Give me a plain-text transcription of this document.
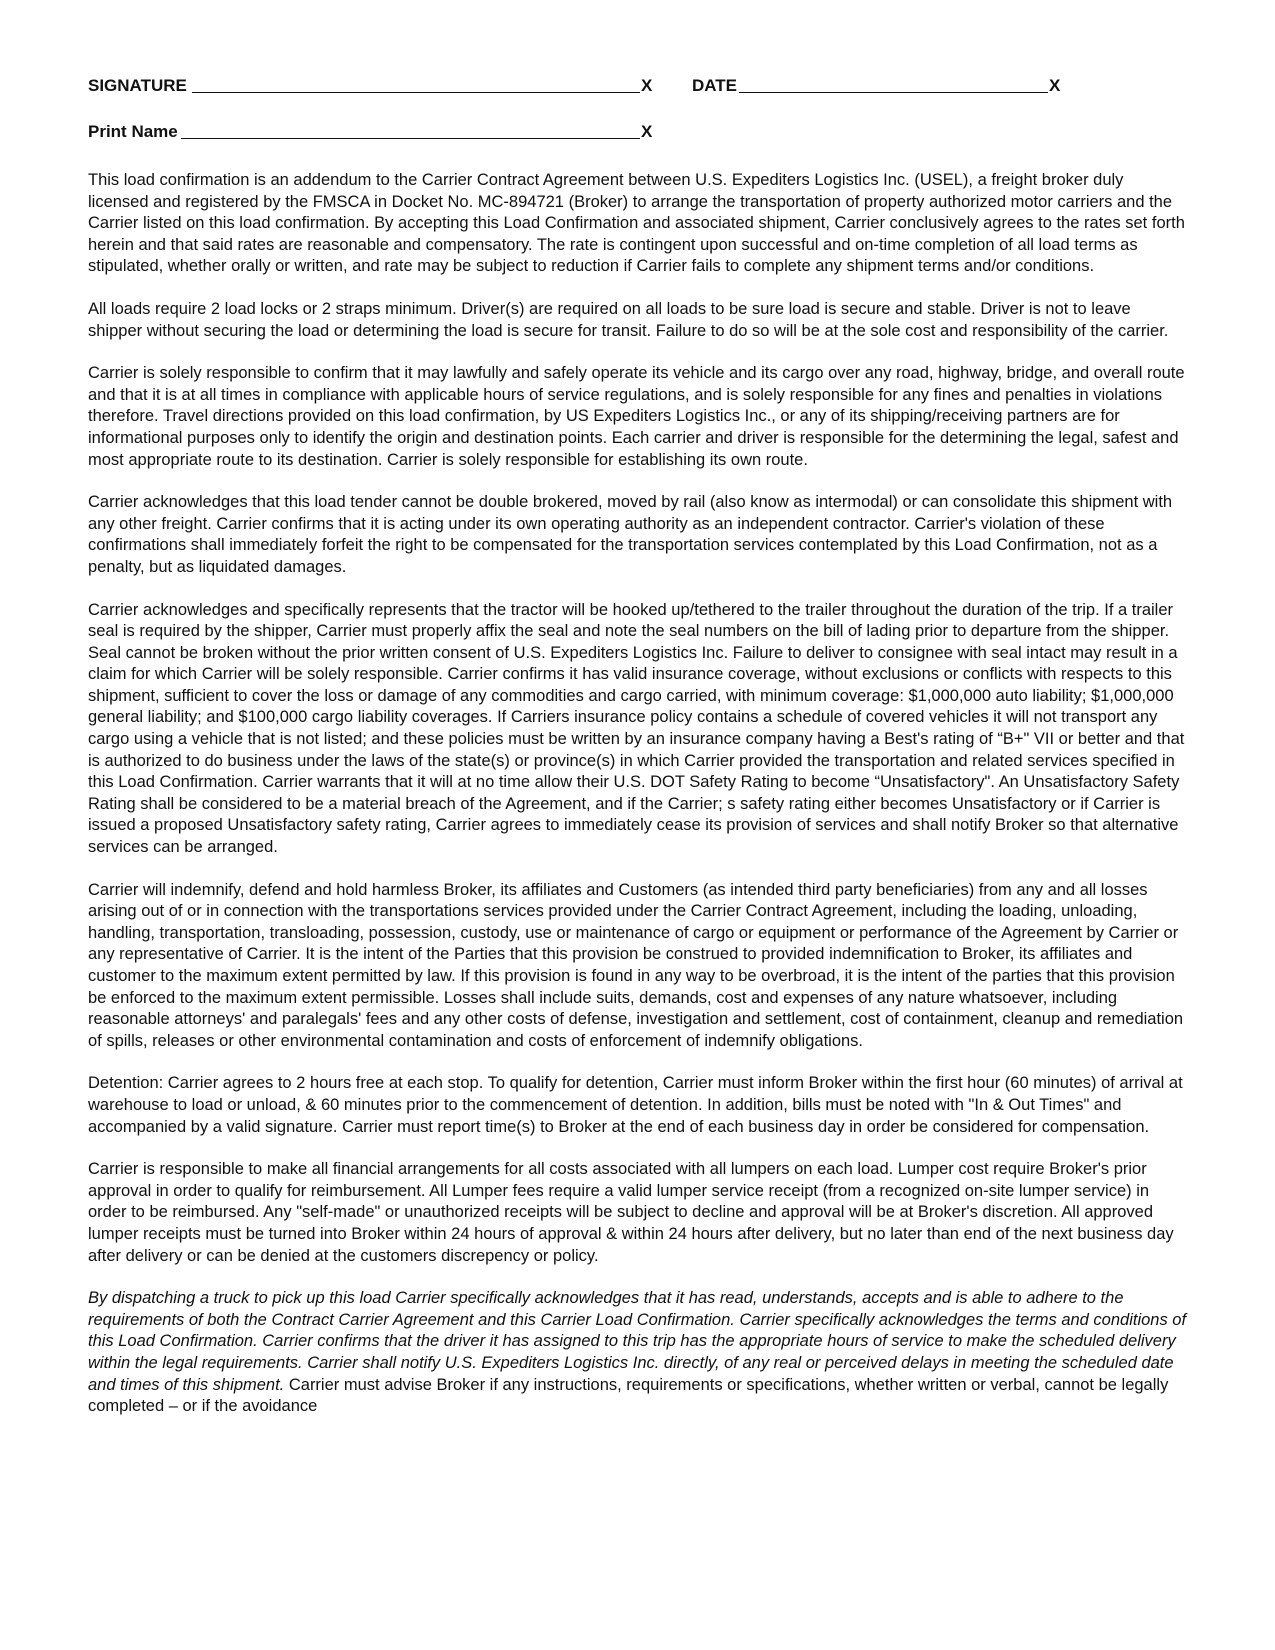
SIGNATURE	X DATE	X
Print Name	X

This load confirmation is an addendum to the Carrier Contract Agreement between U.S. Expediters Logistics Inc. (USEL), a freight broker duly licensed and registered by the FMSCA in Docket No. MC-894721 (Broker) to arrange the transportation of property authorized motor carriers and the Carrier listed on this load confirmation. By accepting this Load Confirmation and associated shipment, Carrier conclusively agrees to the rates set forth herein and that said rates are reasonable and compensatory. The rate is contingent upon successful and on-time completion of all load terms as stipulated, whether orally or written, and rate may be subject to reduction if Carrier fails to complete any shipment terms and/or conditions.

All loads require 2 load locks or 2 straps minimum. Driver(s) are required on all loads to be sure load is secure and stable. Driver is not to leave shipper without securing the load or determining the load is secure for transit. Failure to do so will be at the sole cost and responsibility of the carrier.

Carrier is solely responsible to confirm that it may lawfully and safely operate its vehicle and its cargo over any road, highway, bridge, and overall route and that it is at all times in compliance with applicable hours of service regulations, and is solely responsible for any fines and penalties in violations therefore. Travel directions provided on this load confirmation, by US Expediters Logistics Inc., or any of its shipping/receiving partners are for informational purposes only to identify the origin and destination points. Each carrier and driver is responsible for the determining the legal, safest and most appropriate route to its destination. Carrier is solely responsible for establishing its own route.

Carrier acknowledges that this load tender cannot be double brokered, moved by rail (also know as intermodal) or can consolidate this shipment with any other freight. Carrier confirms that it is acting under its own operating authority as an independent contractor. Carrier's violation of these confirmations shall immediately forfeit the right to be compensated for the transportation services contemplated by this Load Confirmation, not as a penalty, but as liquidated damages.

Carrier acknowledges and specifically represents that the tractor will be hooked up/tethered to the trailer throughout the duration of the trip. If a trailer seal is required by the shipper, Carrier must properly affix the seal and note the seal numbers on the bill of lading prior to departure from the shipper. Seal cannot be broken without the prior written consent of U.S. Expediters Logistics Inc. Failure to deliver to consignee with seal intact may result in a claim for which Carrier will be solely responsible. Carrier confirms it has valid insurance coverage, without exclusions or conflicts with respects to this shipment, sufficient to cover the loss or damage of any commodities and cargo carried, with minimum coverage: $1,000,000 auto liability; $1,000,000 general liability; and $100,000 cargo liability coverages. If Carriers insurance policy contains a schedule of covered vehicles it will not transport any cargo using a vehicle that is not listed; and these policies must be written by an insurance company having a Best's rating of “B+" VII or better and that is authorized to do business under the laws of the state(s) or province(s) in which Carrier provided the transportation and related services specified in this Load Confirmation. Carrier warrants that it will at no time allow their U.S. DOT Safety Rating to become “Unsatisfactory". An Unsatisfactory Safety Rating shall be considered to be a material breach of the Agreement, and if the Carrier; s safety rating either becomes Unsatisfactory or if Carrier is issued a proposed Unsatisfactory safety rating, Carrier agrees to immediately cease its provision of services and shall notify Broker so that alternative services can be arranged.

Carrier will indemnify, defend and hold harmless Broker, its affiliates and Customers (as intended third party beneficiaries) from any and all losses arising out of or in connection with the transportations services provided under the Carrier Contract Agreement, including the loading, unloading, handling, transportation, transloading, possession, custody, use or maintenance of cargo or equipment or performance of the Agreement by Carrier or any representative of Carrier. It is the intent of the Parties that this provision be construed to provided indemnification to Broker, its affiliates and customer to the maximum extent permitted by law. If this provision is found in any way to be overbroad, it is the intent of the parties that this provision be enforced to the maximum extent permissible. Losses shall include suits, demands, cost and expenses of any nature whatsoever, including reasonable attorneys' and paralegals' fees and any other costs of defense, investigation and settlement, cost of containment, cleanup and remediation of spills, releases or other environmental contamination and costs of enforcement of indemnify obligations.

Detention: Carrier agrees to 2 hours free at each stop. To qualify for detention, Carrier must inform Broker within the first hour (60 minutes) of arrival at warehouse to load or unload, & 60 minutes prior to the commencement of detention. In addition, bills must be noted with "In & Out Times" and accompanied by a valid signature. Carrier must report time(s) to Broker at the end of each business day in order be considered for compensation.

Carrier is responsible to make all financial arrangements for all costs associated with all lumpers on each load. Lumper cost require Broker's prior approval in order to qualify for reimbursement. All Lumper fees require a valid lumper service receipt (from a recognized on-site lumper service) in order to be reimbursed. Any "self-made" or unauthorized receipts will be subject to decline and approval will be at Broker's discretion. All approved lumper receipts must be turned into Broker within 24 hours of approval & within 24 hours after delivery, but no later than end of the next business day after delivery or can be denied at the customers discrepency or policy.

By dispatching a truck to pick up this load Carrier specifically acknowledges that it has read, understands, accepts and is able to adhere to the requirements of both the Contract Carrier Agreement and this Carrier Load Confirmation. Carrier specifically acknowledges the terms and conditions of this Load Confirmation. Carrier confirms that the driver it has assigned to this trip has the appropriate hours of service to make the scheduled delivery within the legal requirements. Carrier shall notify U.S. Expediters Logistics Inc. directly, of any real or perceived delays in meeting the scheduled date and times of this shipment. Carrier must advise Broker if any instructions, requirements or specifications, whether written or verbal, cannot be legally completed – or if the avoidance
